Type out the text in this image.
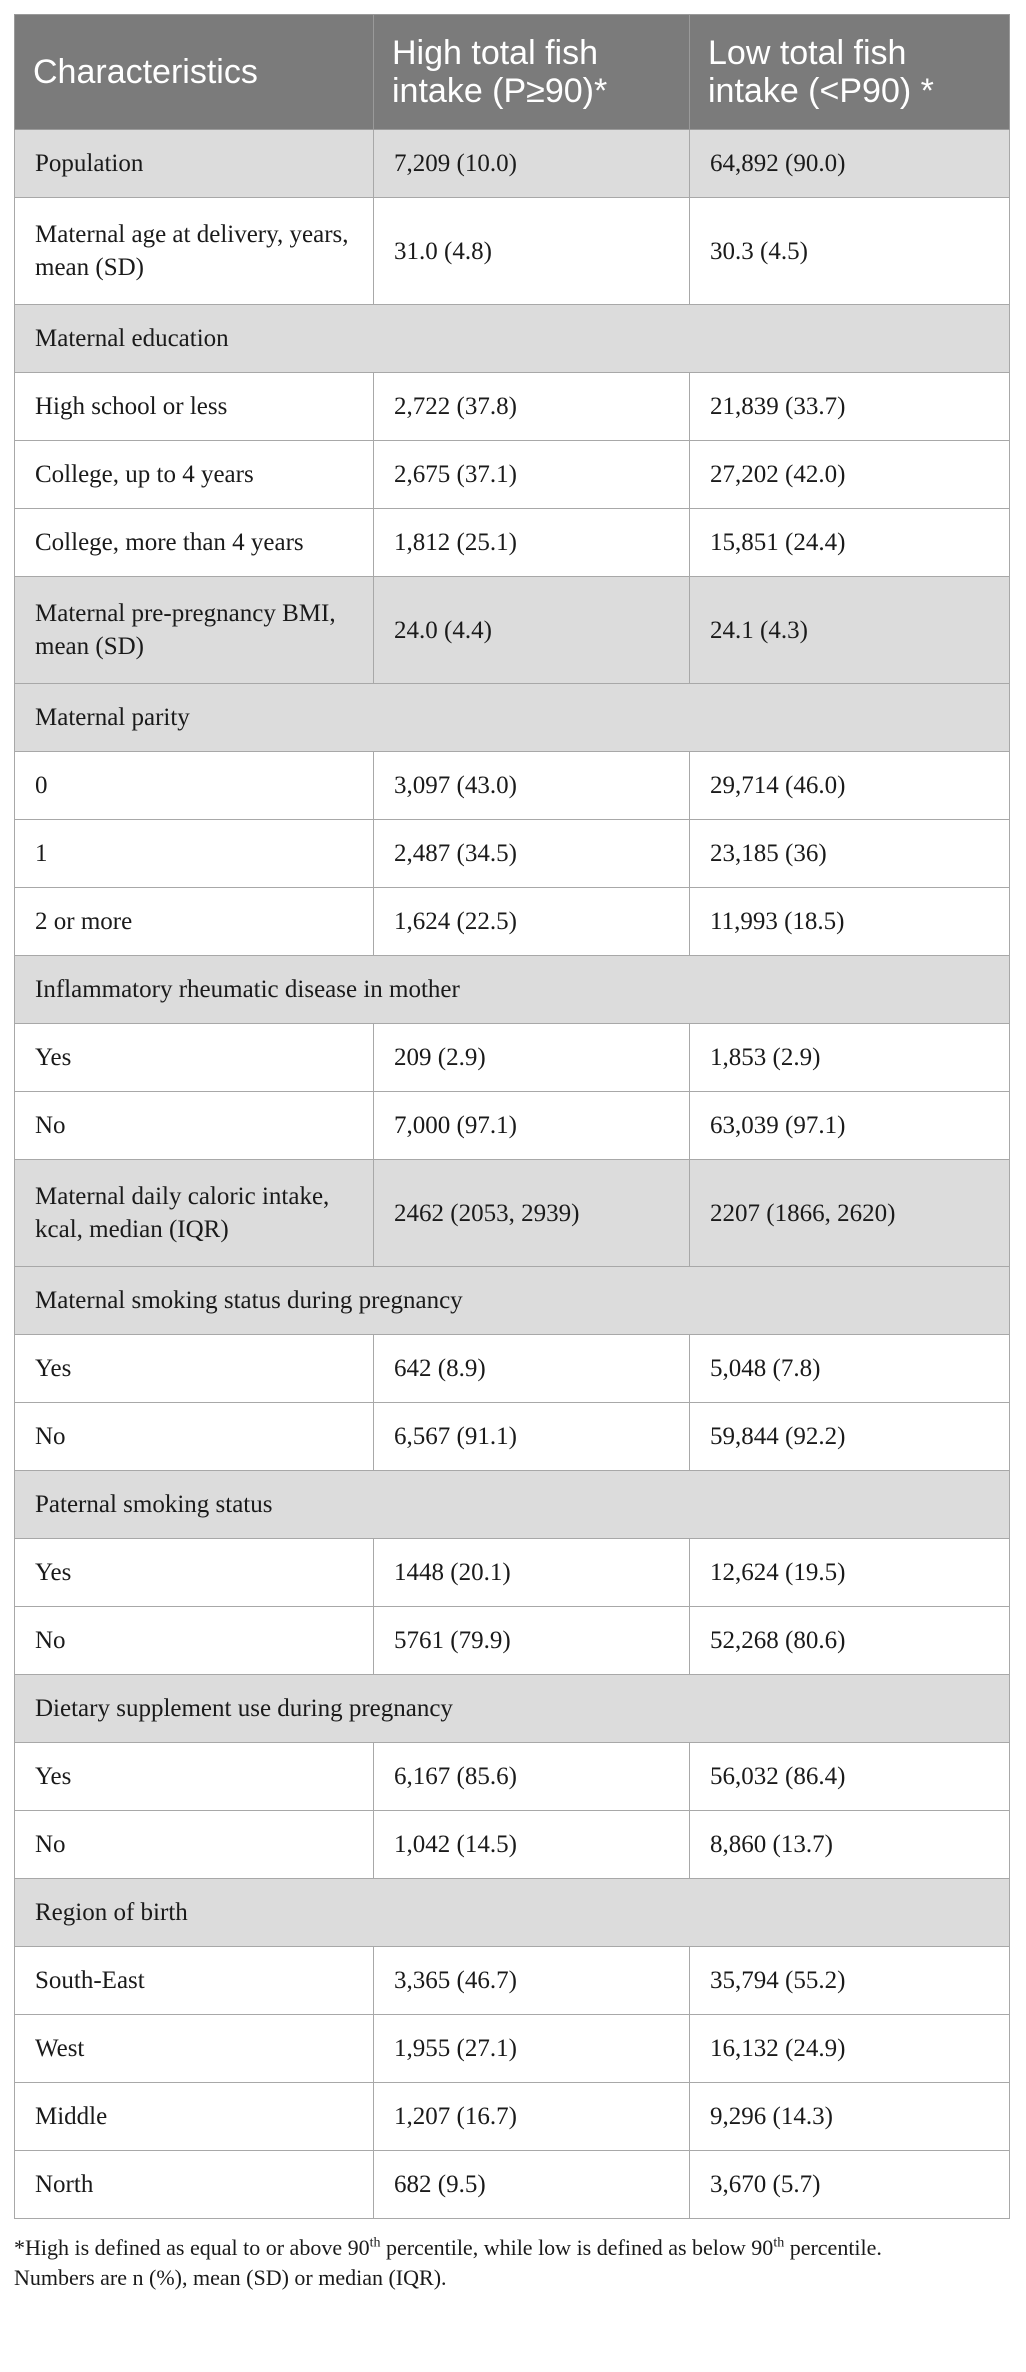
Characteristics	High total fish intake (P≥90)*	Low total fish intake (<P90) *
Population	7,209 (10.0)	64,892 (90.0)
Maternal age at delivery, years, mean (SD)	31.0 (4.8)	30.3 (4.5)
Maternal education		
High school or less	2,722 (37.8)	21,839 (33.7)
College, up to 4 years	2,675 (37.1)	27,202 (42.0)
College, more than 4 years	1,812 (25.1)	15,851 (24.4)
Maternal pre-pregnancy BMI, mean (SD)	24.0 (4.4)	24.1 (4.3)
Maternal parity		
0	3,097 (43.0)	29,714 (46.0)
1	2,487 (34.5)	23,185 (36)
2 or more	1,624 (22.5)	11,993 (18.5)
Inflammatory rheumatic disease in mother		
Yes	209 (2.9)	1,853 (2.9)
No	7,000 (97.1)	63,039 (97.1)
Maternal daily caloric intake, kcal, median (IQR)	2462 (2053, 2939)	2207 (1866, 2620)
Maternal smoking status during pregnancy		
Yes	642 (8.9)	5,048 (7.8)
No	6,567 (91.1)	59,844 (92.2)
Paternal smoking status		
Yes	1448 (20.1)	12,624 (19.5)
No	5761 (79.9)	52,268 (80.6)
Dietary supplement use during pregnancy		
Yes	6,167 (85.6)	56,032 (86.4)
No	1,042 (14.5)	8,860 (13.7)
Region of birth		
South-East	3,365 (46.7)	35,794 (55.2)
West	1,955 (27.1)	16,132 (24.9)
Middle	1,207 (16.7)	9,296 (14.3)
North	682 (9.5)	3,670 (5.7)

*High is defined as equal to or above 90th percentile, while low is defined as below 90th percentile.

Numbers are n (%), mean (SD) or median (IQR).
